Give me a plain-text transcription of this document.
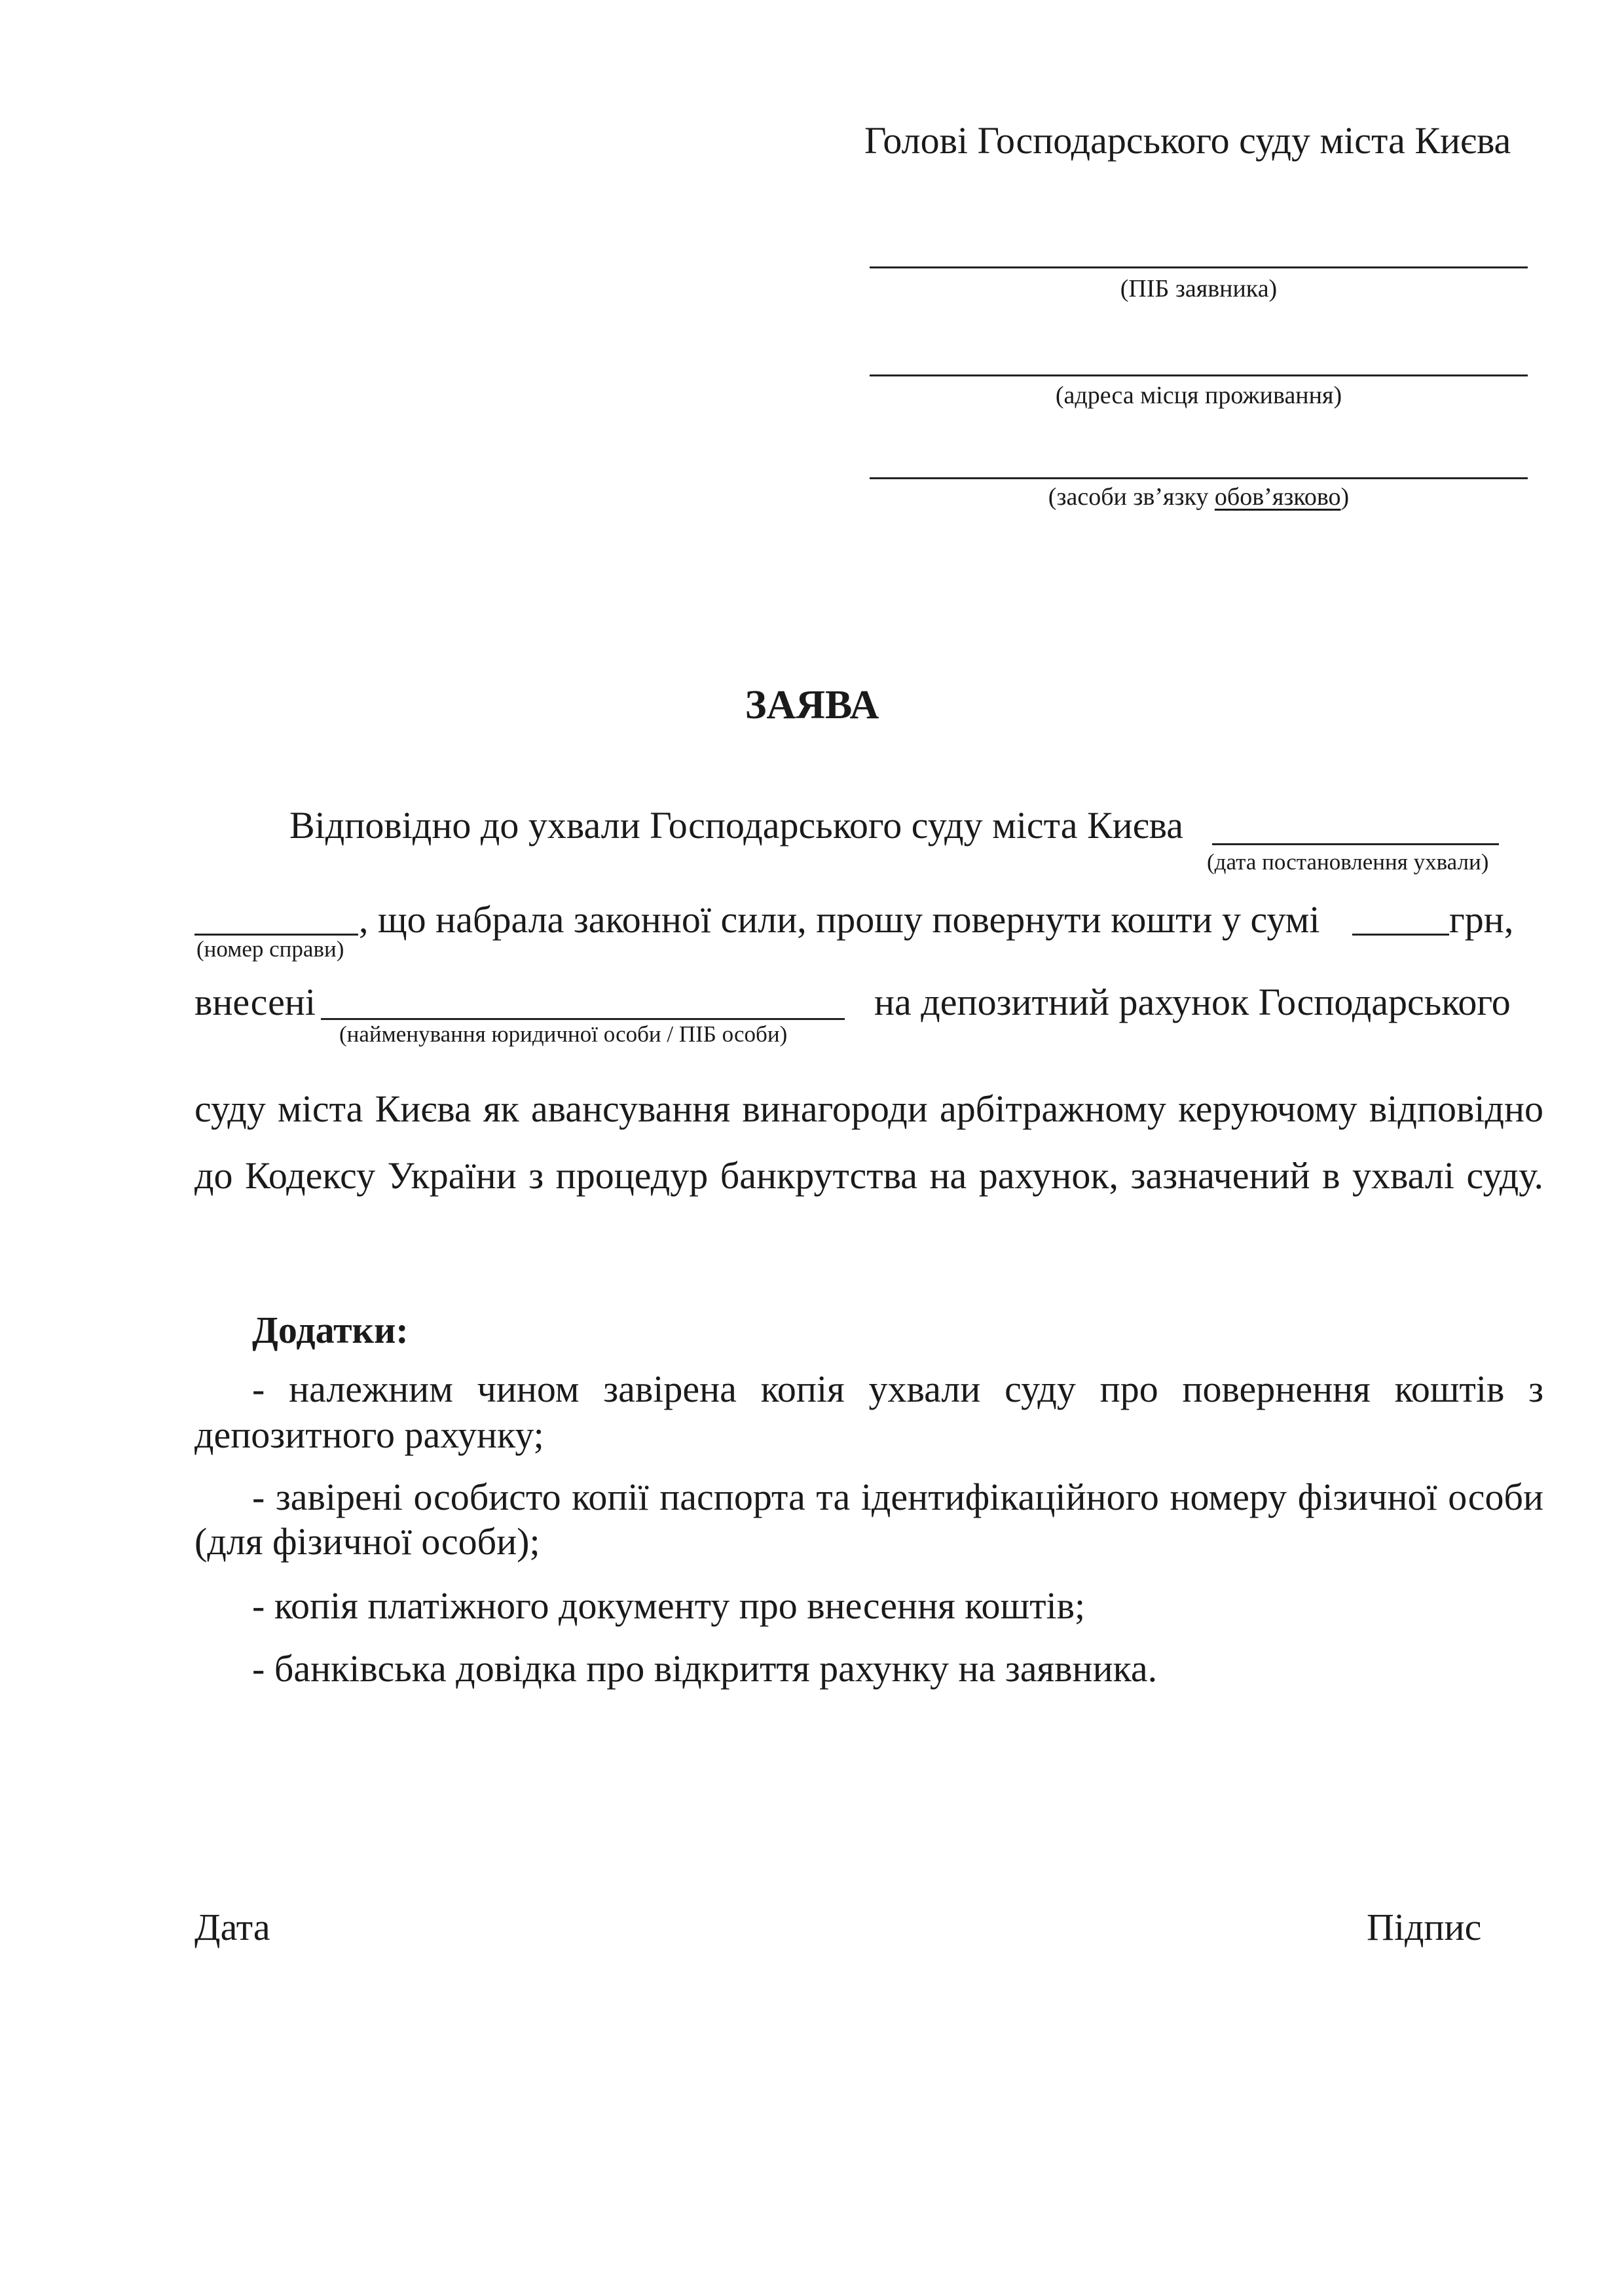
Голові Господарського суду міста Києва
(ПІБ заявника)
(адреса місця проживання)
(засоби зв’язку обов’язково)
ЗАЯВА
Відповідно до ухвали Господарського суду міста Києва
(дата постановлення ухвали)
(номер справи)
, що набрала законної сили, прошу повернути кошти у сумі	грн,
внесені
(найменування юридичної особи / ПІБ особи)
на депозитний рахунок Господарського
суду міста Києва як авансування винагороди арбітражному керуючому відповідно
до Кодексу України з процедур банкрутства на рахунок, зазначений в ухвалі суду.
Додатки:
- належним чином завірена копія ухвали суду про повернення коштів з
депозитного рахунку;
- завірені особисто копії паспорта та ідентифікаційного номеру фізичної особи
(для фізичної особи);
- копія платіжного документу про внесення коштів;
- банківська довідка про відкриття рахунку на заявника.
Дата	Підпис
